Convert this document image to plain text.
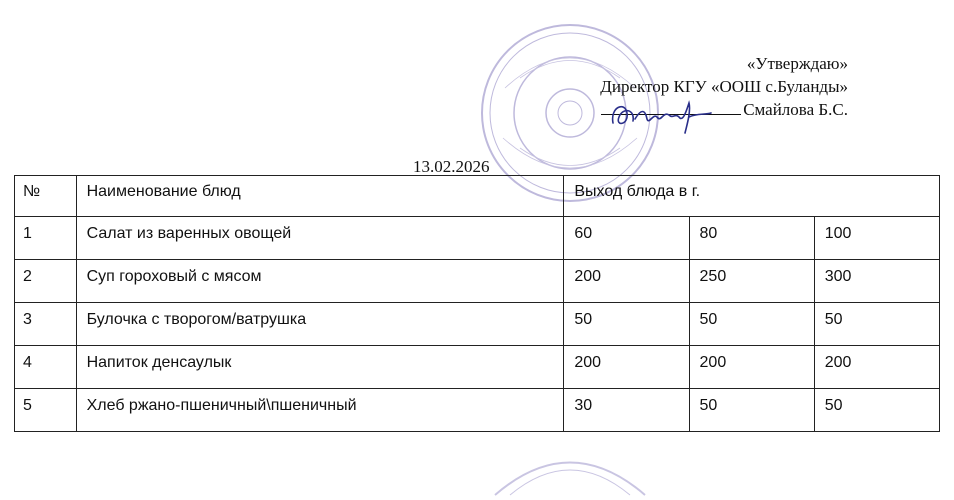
«Утверждаю»
Директор КГУ «ООШ с.Буланды»
Смайлова Б.С.
13.02.2026
№	Наименование блюд	Выход блюда в г.		
1	Салат из варенных овощей	60	80	100
2	Суп гороховый с мясом	200	250	300
3	Булочка с творогом/ватрушка	50	50	50
4	Напиток денсаулык	200	200	200
5	Хлеб ржано-пшеничный\пшеничный	30	50	50
